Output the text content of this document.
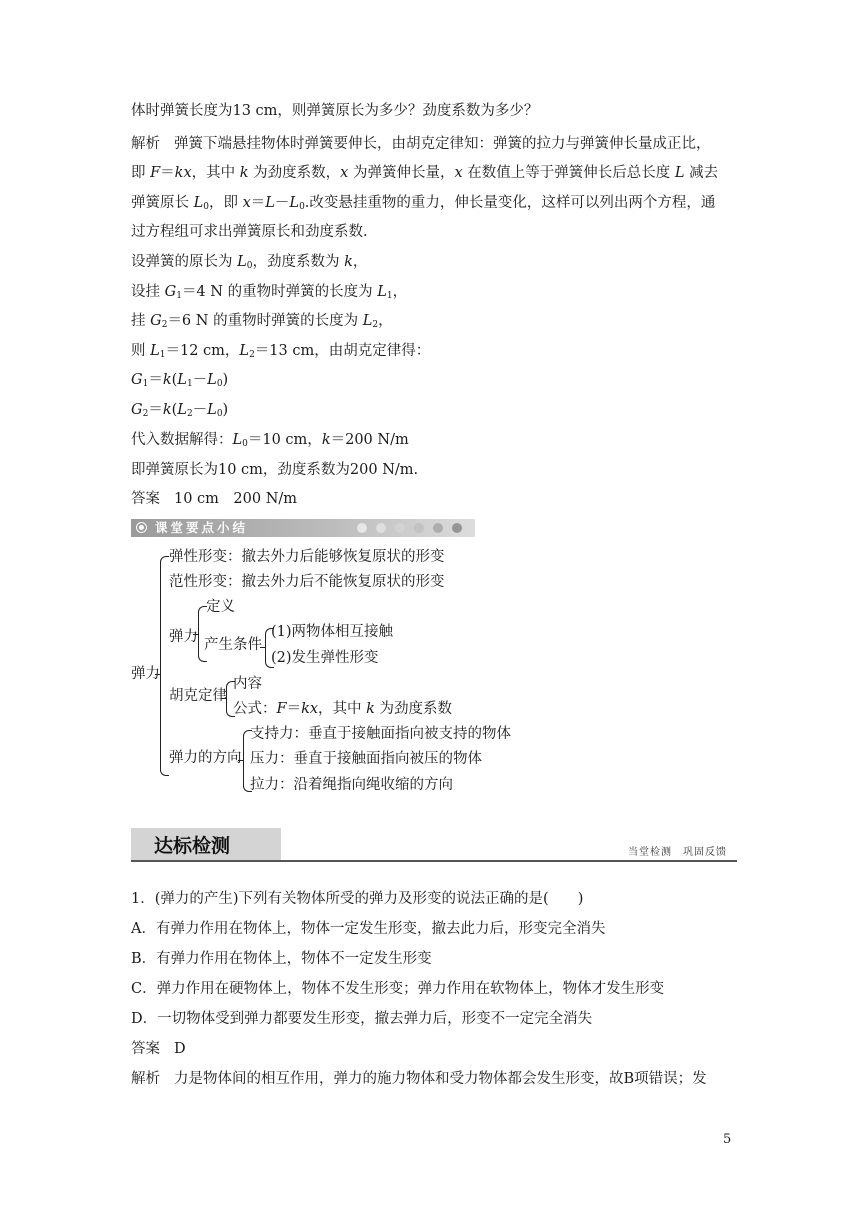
体时弹簧长度为13 cm，则弹簧原长为多少？劲度系数为多少？
解析 弹簧下端悬挂物体时弹簧要伸长，由胡克定律知：弹簧的拉力与弹簧伸长量成正比，
即 F＝kx，其中 k 为劲度系数，x 为弹簧伸长量，x 在数值上等于弹簧伸长后总长度 L 减去
弹簧原长 $L_0$，即 $x=L-L_0$.改变悬挂重物的重力，伸长量变化，这样可以列出两个方程，通
过方程组可求出弹簧原长和劲度系数.
设弹簧的原长为 $L_0$，劲度系数为 k，
设挂 $G_1=4$ N 的重物时弹簧的长度为 $L_1$，
挂 $G_2=6$ N 的重物时弹簧的长度为 $L_2$，
则 $L_1=12$ cm，$L_2=13$ cm，由胡克定律得：
$G_1=k(L_1-L_0)$
$G_2=k(L_2-L_0)$
代入数据解得：$L_0=10$ cm，k＝200 N/m
即弹簧原长为10 cm，劲度系数为200 N/m.
答案 10 cm　200 N/m
课堂要点小结
弹力
弹性形变：撤去外力后能够恢复原状的形变
范性形变：撤去外力后不能恢复原状的形变
弹力
定义
产生条件
(1)两物体相互接触
(2)发生弹性形变
胡克定律
内容
公式：F＝kx，其中 k 为劲度系数
弹力的方向
支持力：垂直于接触面指向被支持的物体
压力：垂直于接触面指向被压的物体
拉力：沿着绳指向绳收缩的方向
达标检测	当堂检测　巩固反馈
1．(弹力的产生)下列有关物体所受的弹力及形变的说法正确的是(　　)
A．有弹力作用在物体上，物体一定发生形变，撤去此力后，形变完全消失
B．有弹力作用在物体上，物体不一定发生形变
C．弹力作用在硬物体上，物体不发生形变；弹力作用在软物体上，物体才发生形变
D．一切物体受到弹力都要发生形变，撤去弹力后，形变不一定完全消失
答案 D
解析 力是物体间的相互作用，弹力的施力物体和受力物体都会发生形变，故B项错误；发
5
